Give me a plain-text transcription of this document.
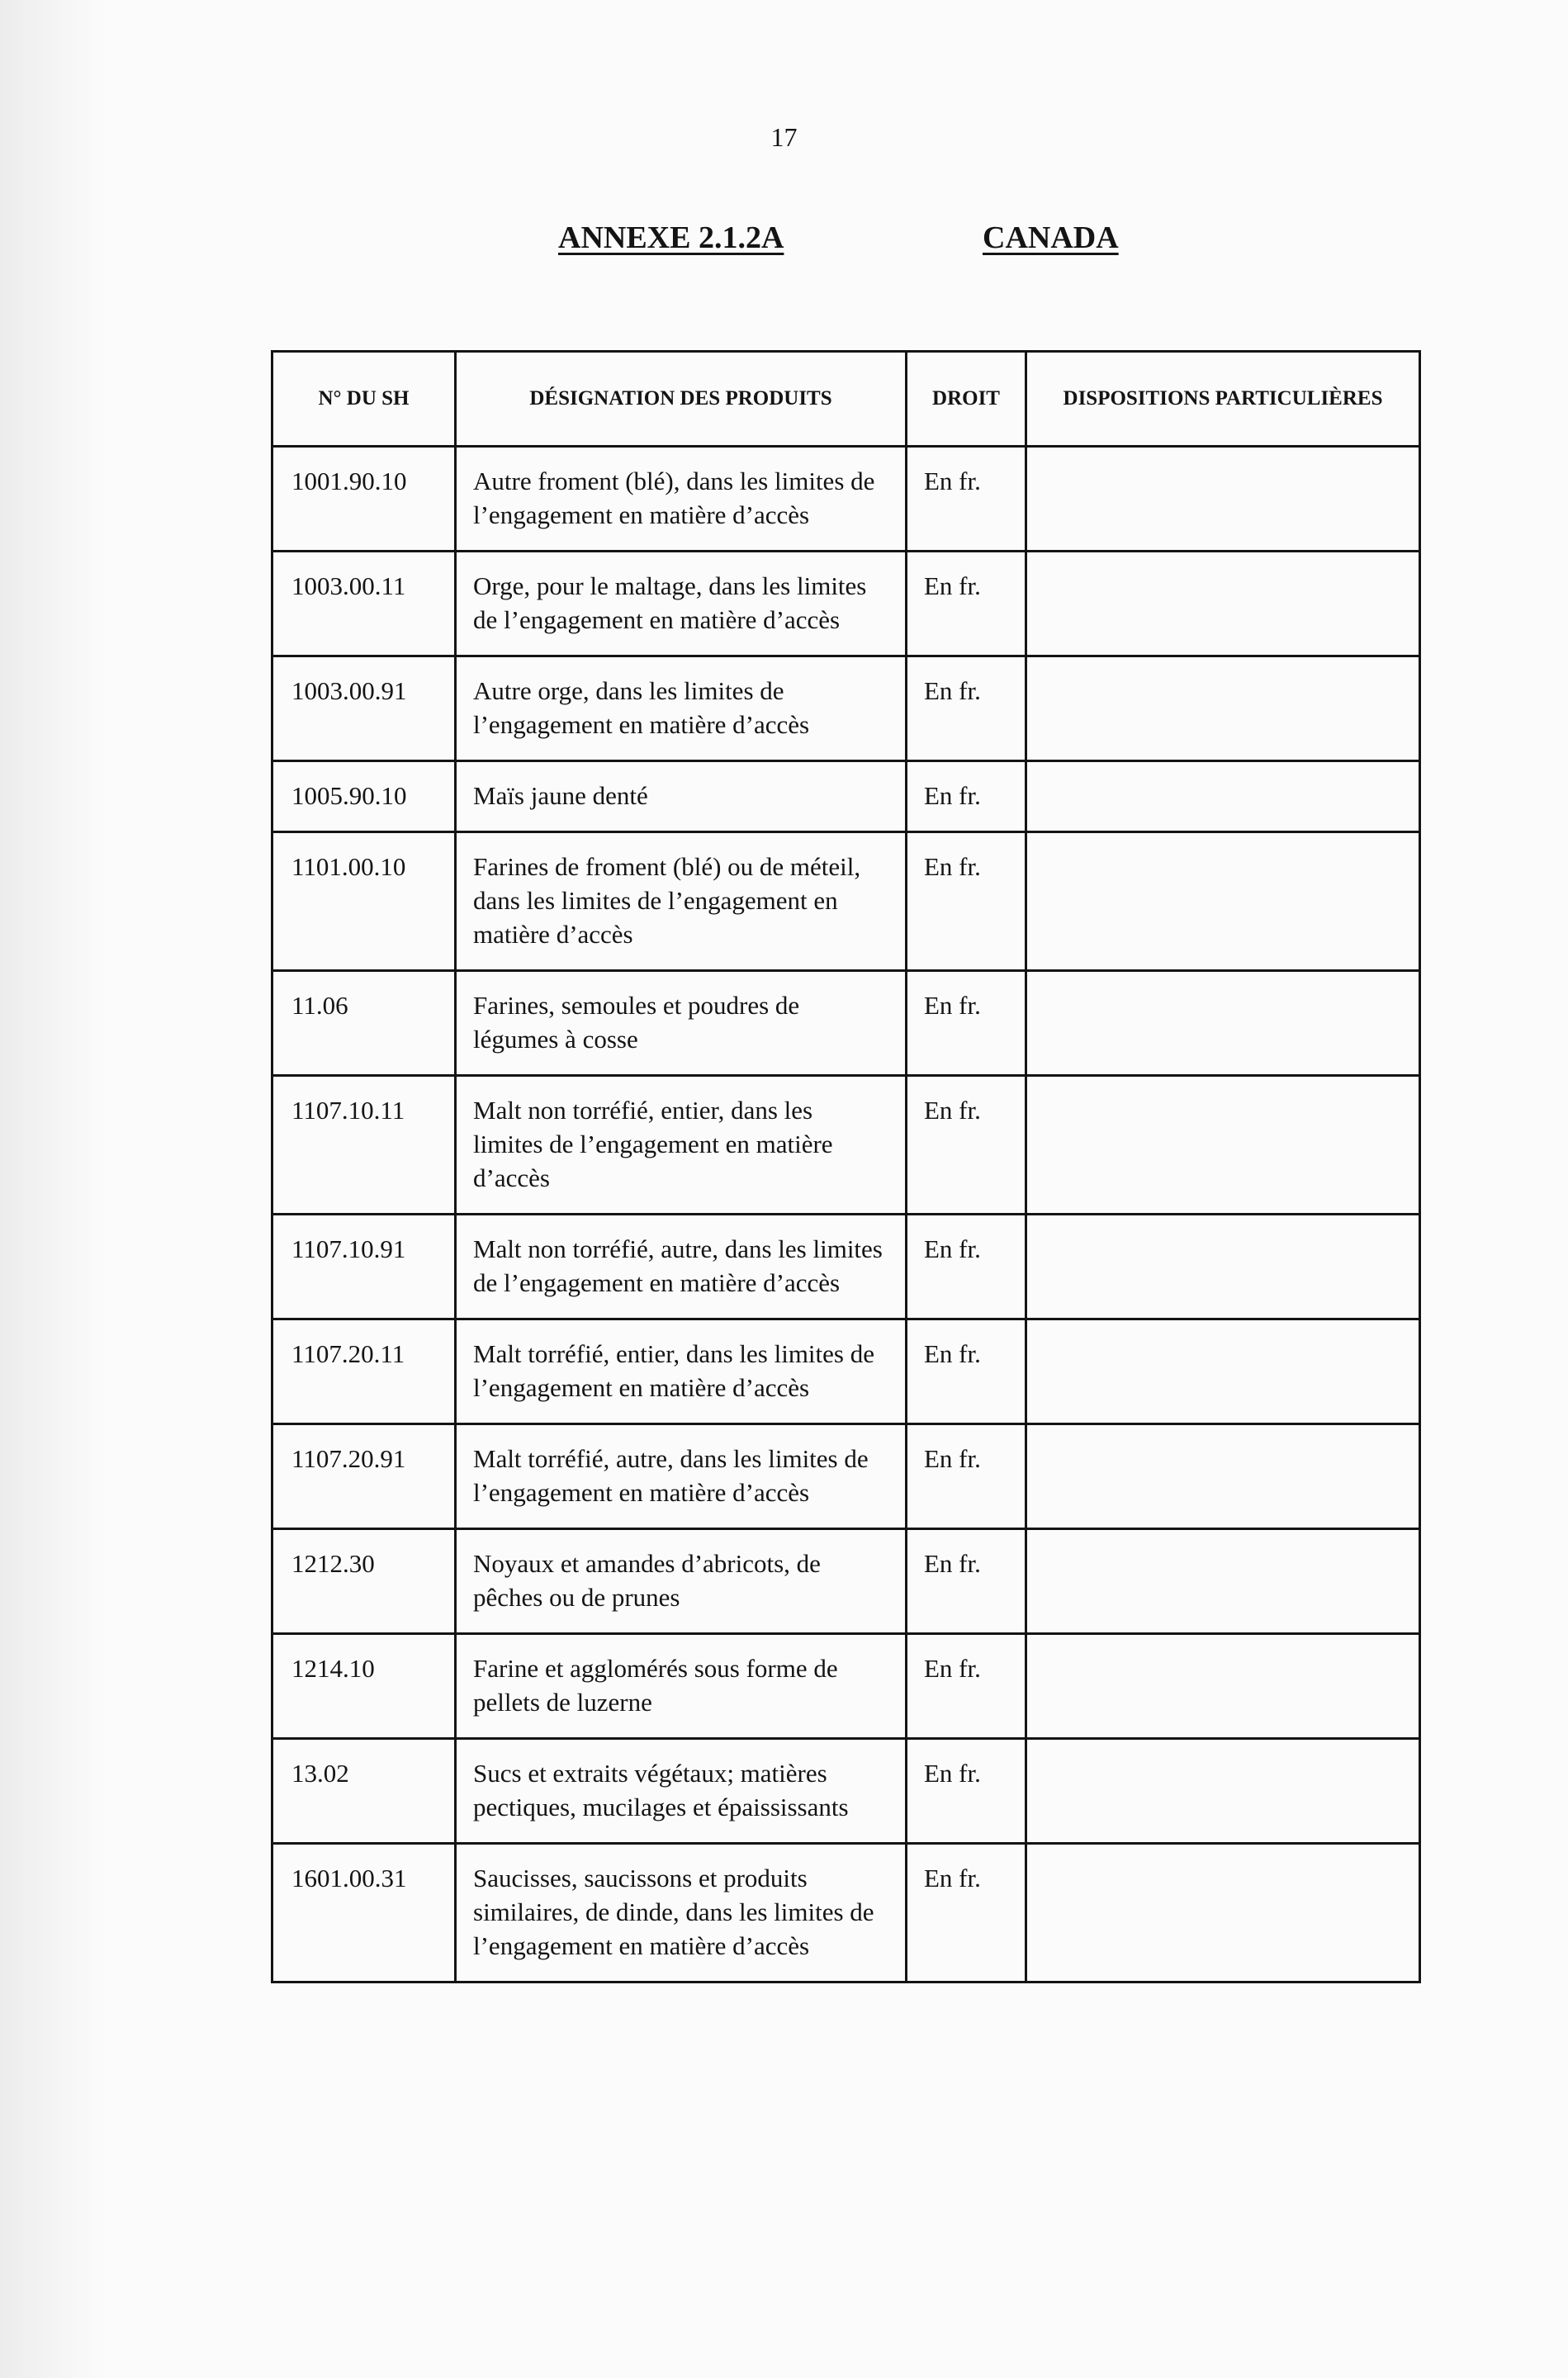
17
ANNEXE 2.1.2A	CANADA
N° DU SH	DÉSIGNATION DES PRODUITS	DROIT	DISPOSITIONS PARTICULIÈRES
1001.90.10	Autre froment (blé), dans les limites de l’engagement en matière d’accès	En fr.	
1003.00.11	Orge, pour le maltage, dans les limites de l’engagement en matière d’accès	En fr.	
1003.00.91	Autre orge, dans les limites de l’engagement en matière d’accès	En fr.	
1005.90.10	Maïs jaune denté	En fr.	
1101.00.10	Farines de froment (blé) ou de méteil, dans les limites de l’engagement en matière d’accès	En fr.	
11.06	Farines, semoules et poudres de légumes à cosse	En fr.	
1107.10.11	Malt non torréfié, entier, dans les limites de l’engagement en matière d’accès	En fr.	
1107.10.91	Malt non torréfié, autre, dans les limites de l’engagement en matière d’accès	En fr.	
1107.20.11	Malt torréfié, entier, dans les limites de l’engagement en matière d’accès	En fr.	
1107.20.91	Malt torréfié, autre, dans les limites de l’engagement en matière d’accès	En fr.	
1212.30	Noyaux et amandes d’abricots, de pêches ou de prunes	En fr.	
1214.10	Farine et agglomérés sous forme de pellets de luzerne	En fr.	
13.02	Sucs et extraits végétaux; matières pectiques, mucilages et épaississants	En fr.	
1601.00.31	Saucisses, saucissons et produits similaires, de dinde, dans les limites de l’engagement en matière d’accès	En fr.	
